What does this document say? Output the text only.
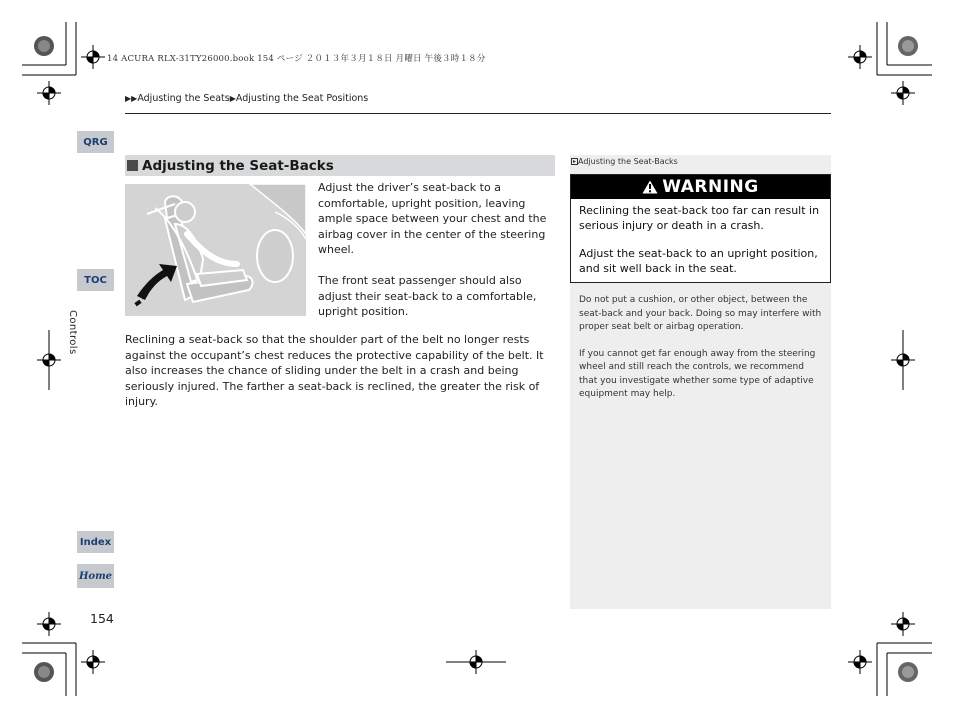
14 ACURA RLX-31TY26000.book 154 ページ ２０１３年３月１８日 月曜日 午後３時１８分
▶▶Adjusting the Seats▶Adjusting the Seat Positions
QRG
TOC
Controls
Index
Home
154
Adjusting the Seat-Backs

Adjust the driver’s seat-back to a comfortable, upright position, leaving ample space between your chest and the airbag cover in the center of the steering wheel.

The front seat passenger should also adjust their seat-back to a comfortable, upright position.

Reclining a seat-back so that the shoulder part of the belt no longer rests against the occupant’s chest reduces the protective capability of the belt. It also increases the chance of sliding under the belt in a crash and being seriously injured. The farther a seat-back is reclined, the greater the risk of injury.
▸ Adjusting the Seat-Backs
WARNING

Reclining the seat-back too far can result in serious injury or death in a crash.

Adjust the seat-back to an upright position, and sit well back in the seat.

Do not put a cushion, or other object, between the seat-back and your back. Doing so may interfere with proper seat belt or airbag operation.

If you cannot get far enough away from the steering wheel and still reach the controls, we recommend that you investigate whether some type of adaptive equipment may help.
